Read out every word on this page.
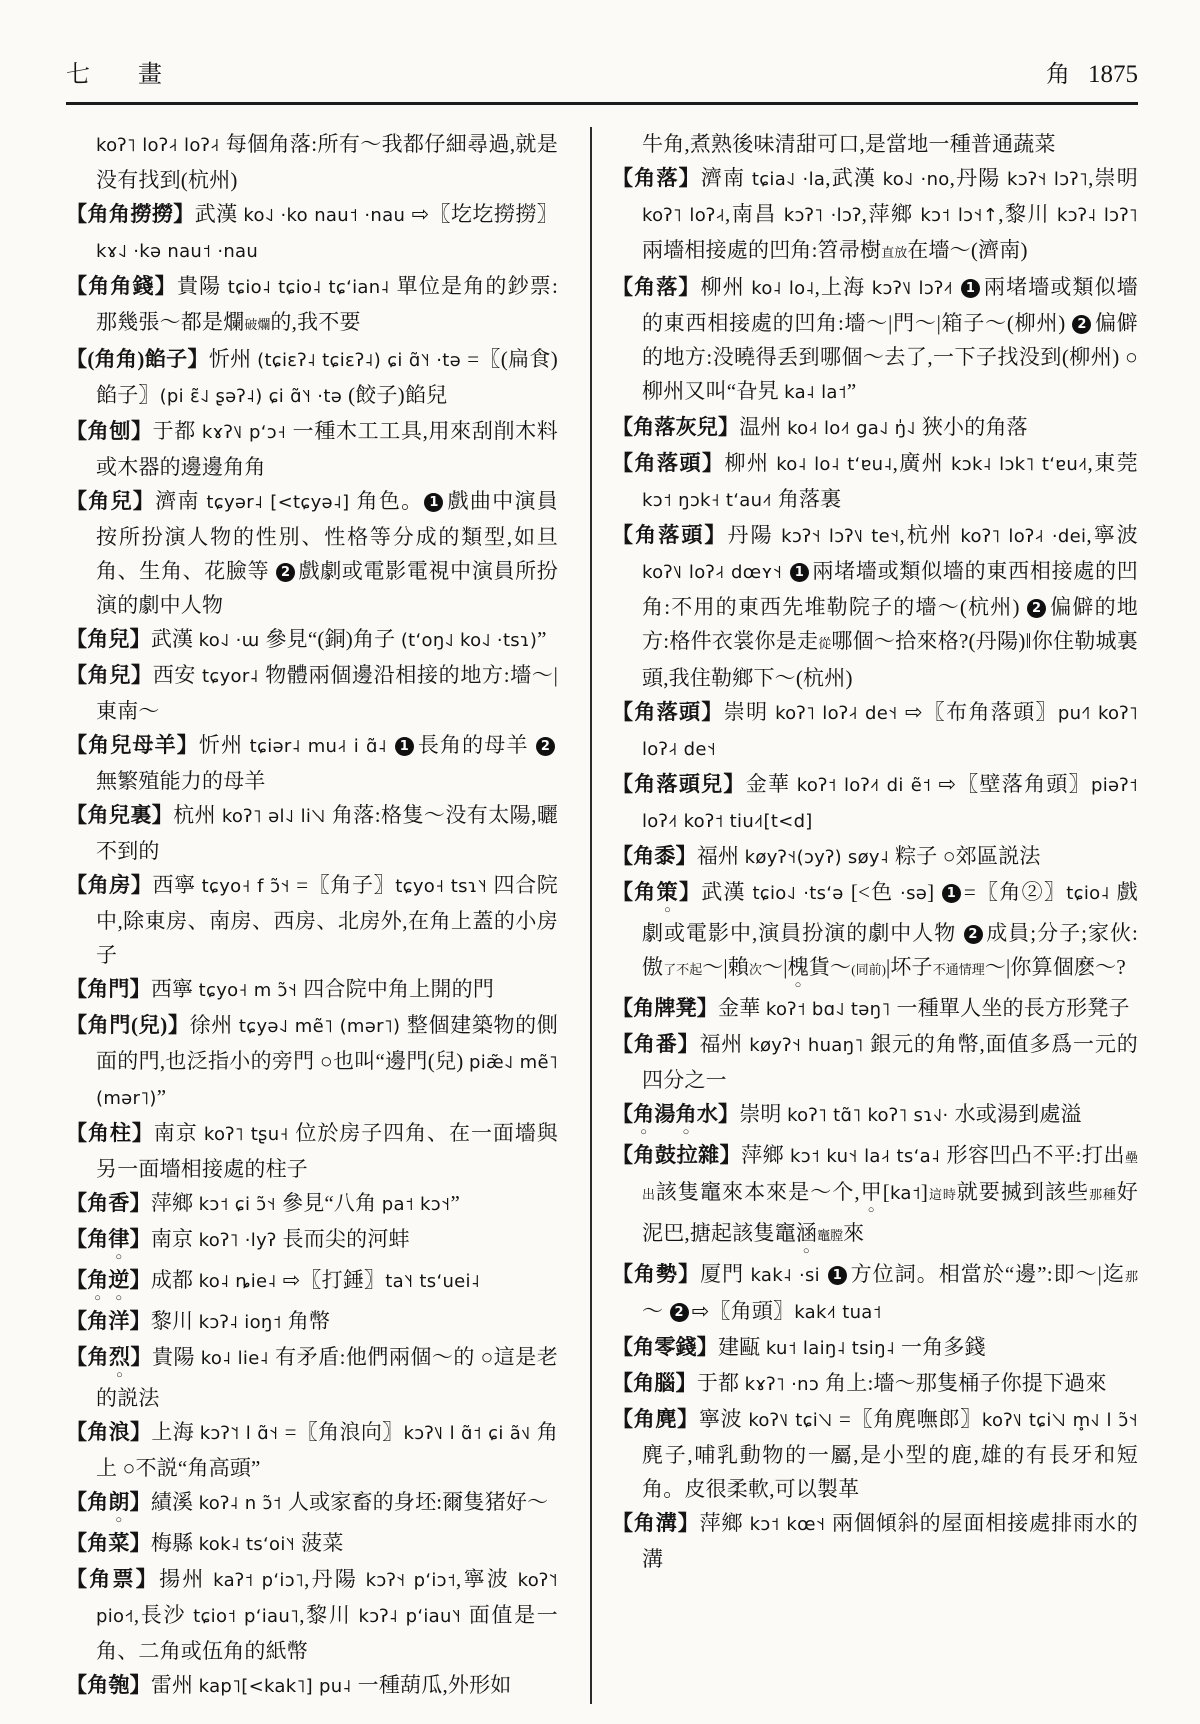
七　畫	角 1875
koʔ˥ loʔ˨˧ loʔ˨˧ 每個角落:所有～我都仔細尋過,就是没有找到(杭州)
【角角撈撈】武漢 ko˨˩ ·ko nau˦ ·nau ⇨〖圪圪撈撈〗kɤ˨˩ ·kə nau˦ ·nau
【角角錢】貴陽 tɕio˨ tɕio˨ tɕʻian˨ 單位是角的鈔票:那幾張～都是爛破爛的,我不要
【(角角)餡子】忻州 (tɕiɛʔ˨ tɕiɛʔ˨) ɕi ɑ̃˥˧ ·tə =〖(扁食)餡子〗(pi ɛ̃˨˩ ʂəʔ˨) ɕi ɑ̃˥˧ ·tə (餃子)餡兒
【角刨】于都 kɤʔ˥˩ pʻɔ˧ 一種木工工具,用來刮削木料或木器的邊邊角角
【角兒】濟南 tɕyər˨ [<tɕyə˨] 角色。 1 戲曲中演員按所扮演人物的性別、性格等分成的類型,如旦角、生角、花臉等 2 戲劇或電影電視中演員所扮演的劇中人物
【角兒】武漢 ko˨˩ ·ɯ 參見“(銅)角子 (tʻoŋ˨˩ ko˨˩ ·tsɿ)”
【角兒】西安 tɕyor˨ 物體兩個邊沿相接的地方:墻～| 東南～
【角兒母羊】忻州 tɕiər˨ mu˨˧ i ɑ̃˨ 1 長角的母羊 2無繁殖能力的母羊
【角兒裏】杭州 koʔ˥ əl˨˩ li˥˧˩ 角落:格隻～没有太陽,曬不到的
【角房】西寧 tɕyo˧ f ɔ̃˦˧ =〖角子〗tɕyo˧ tsɿ˥˧ 四合院中,除東房、南房、西房、北房外,在角上蓋的小房子
【角門】西寧 tɕyo˧ m ɔ̃˦˧ 四合院中角上開的門
【角門(兒)】徐州 tɕyə˨˩ mẽ˥ (mər˥) 整個建築物的側面的門,也泛指小的旁門 ○也叫“邊門(兒) piæ̃˨˩ mẽ˥ (mər˥)”
【角柱】南京 koʔ˥ tʂu˧ 位於房子四角、在一面墻與另一面墻相接處的柱子
【角香】萍鄉 kɔ˦ ɕi ɔ̃˦˧ 參見“八角 pa˦ kɔ˦˧”
【角律】南京 koʔ˥ ·lyʔ 長而尖的河蚌
【角逆】成都 ko˨ ȵie˨ ⇨〖打錘〗ta˥˧ tsʻuei˨
【角洋】黎川 kɔʔ˨ ioŋ˦ 角幣
【角烈】貴陽 ko˨ lie˨ 有矛盾:他們兩個～的 ○這是老的説法
【角浪】上海 kɔʔ˥˦ l ɑ̃˦˧ =〖角浪向〗kɔʔ˥˩ l ɑ̃˦ ɕi ã˦˩ 角上 ○不説“角高頭”
【角朗】績溪 koʔ˨ n ɔ̃˦ 人或家畜的身坯:爾隻猪好～
【角菜】梅縣 kok˨ tsʻoi˥˧ 菠菜
【角票】揚州 kaʔ˦ pʻiɔ˥,丹陽 kɔʔ˦˧ pʻiɔ˦,寧波 koʔ˥˦ pio˧˦,長沙 tɕio˦ pʻiau˥,黎川 kɔʔ˨ pʻiau˥˧ 面值是一角、二角或伍角的紙幣
【角匏】雷州 kap˥[<kak˥] pu˨ 一種葫瓜,外形如
牛角,煮熟後味清甜可口,是當地一種普通蔬菜
【角落】濟南 tɕia˨˩ ·la,武漢 ko˨˩ ·no,丹陽 kɔʔ˦˧ lɔʔ˥,崇明 koʔ˥ loʔ˨˧,南昌 kɔʔ˥ ·lɔʔ,萍鄉 kɔ˦ lɔ˦˧↑,黎川 kɔʔ˨ lɔʔ˥ 兩墻相接處的凹角:笤帚樹直放在墻～(濟南)
【角落】柳州 ko˨ lo˨,上海 kɔʔ˥˩ lɔʔ˨˦ 1 兩堵墻或類似墻的東西相接處的凹角:墻～|門～|箱子～(柳州) 2 偏僻的地方:没曉得丢到哪個～去了,一下子找没到(柳州) ○柳州又叫“旮旯 ka˨ la˦”
【角落灰兒】温州 ko˨˧ lo˨˦ ga˨˩ ŋ̍˨˩ 狹小的角落
【角落頭】柳州 ko˨ lo˨ tʻɐu˨,廣州 kɔk˨ lɔk˥ tʻɐu˨˦,東莞 kɔ˦ ŋɔk˧ tʻau˨˦ 角落裏
【角落頭】丹陽 kɔʔ˦˧ lɔʔ˥˩ te˦˧,杭州 koʔ˥ loʔ˨˧ ·dei,寧波 koʔ˥˩ loʔ˨˧ dœʏ˦˧ 1 兩堵墻或類似墻的東西相接處的凹角:不用的東西先堆勒院子的墻～(杭州) 2 偏僻的地方:格件衣裳你是走從哪個～拾來格?(丹陽)‖你住勒城裏頭,我住勒鄉下～(杭州)
【角落頭】崇明 koʔ˥ loʔ˨˧ de˦˧ ⇨〖布角落頭〗pu˧˥ koʔ˥ loʔ˨˧ de˦˧
【角落頭兒】金華 koʔ˦ loʔ˨˦ di ẽ˦ ⇨〖壁落角頭〗piəʔ˦ loʔ˨˦ koʔ˦ tiu˨˦[t<d]
【角黍】福州 køyʔ˦˧(ɔyʔ) søy˨ 粽子 ○郊區説法
【角策】武漢 tɕio˨˩ ·tsʻə [<色 ·sə] 1 =〖角②〗tɕio˨ 戲劇或電影中,演員扮演的劇中人物 2 成員;分子;家伙:傲了不起～|賴次～|槐貨～(同前)|坏子不通情理～|你算個麽～?
【角牌凳】金華 koʔ˦ bɑ˨˩ təŋ˥ 一種單人坐的長方形凳子
【角番】福州 køyʔ˦˧ huaŋ˥ 銀元的角幣,面值多爲一元的四分之一
【角湯角水】崇明 koʔ˥ tɑ̃˥ koʔ˥ sɿ˧˩· 水或湯到處溢
【角鼓拉雜】萍鄉 kɔ˦ ku˦˧ la˨˧ tsʻa˨ 形容凹凸不平:打出壘出該隻竈來本來是～个,甲[ka˦]這時就要搣到該些那種好泥巴,搪起該隻竈涵竈膛來
【角勢】厦門 kak˨ ·si 1 方位詞。相當於“邊”:即～|迄那～ 2 ⇨〖角頭〗kak˨˦ tua˦
【角零錢】建甌 ku˦ laiŋ˨ tsiŋ˨ 一角多錢
【角腦】于都 kɤʔ˥ ·nɔ 角上:墻～那隻桶子你提下過來
【角麂】寧波 koʔ˥˩ tɕi˥˧˩ =〖角麂嘸郎〗koʔ˥˩ tɕi˥˧˩ m̥˧˩ l ɔ̃˦˧ 麂子,哺乳動物的一屬,是小型的鹿,雄的有長牙和短角。皮很柔軟,可以製革
【角溝】萍鄉 kɔ˦ kœ˦˧ 兩個傾斜的屋面相接處排雨水的溝
